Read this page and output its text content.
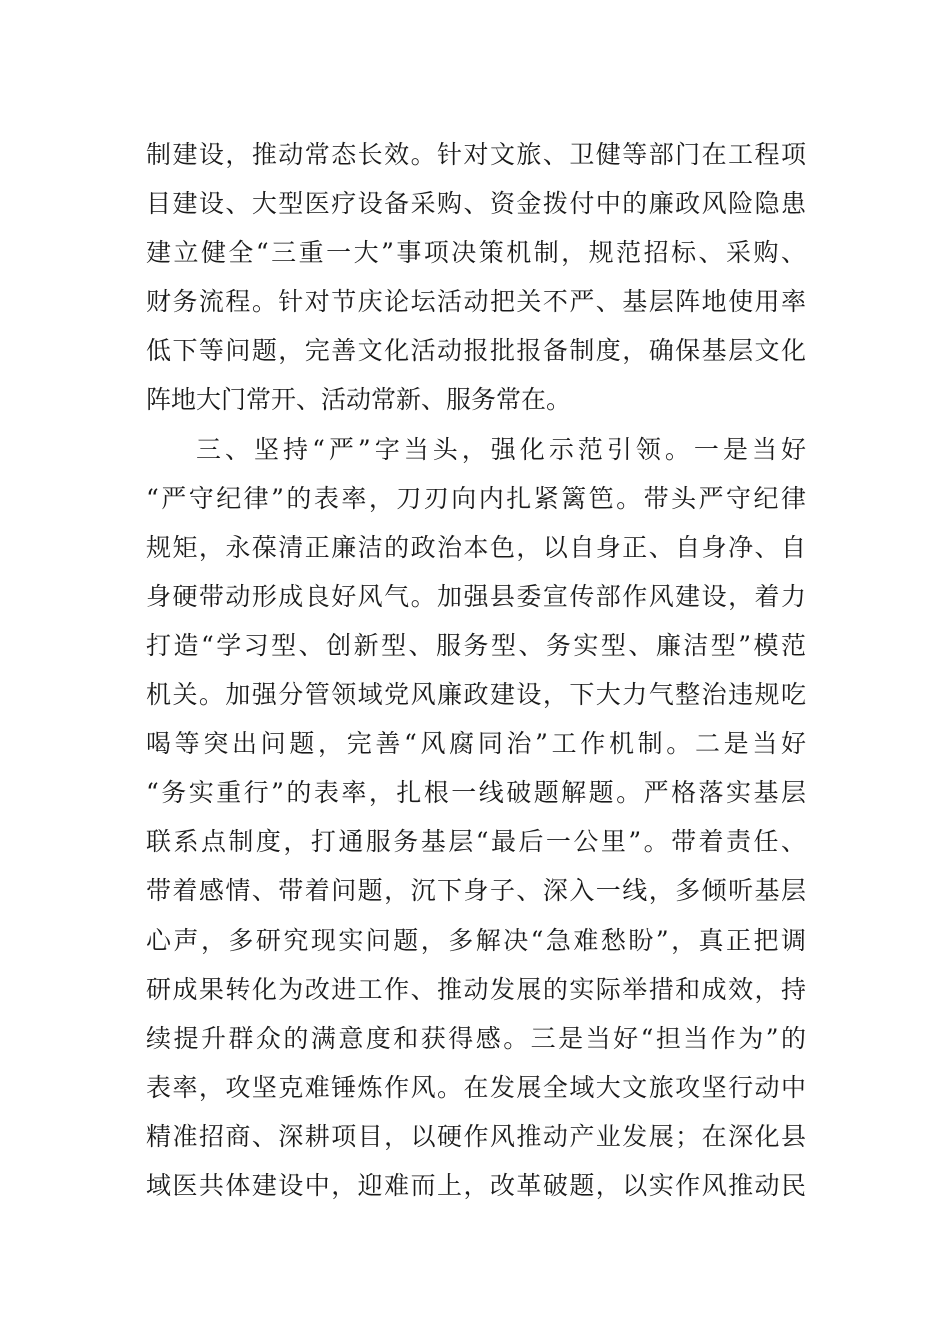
制建设，推动常态长效。针对文旅、卫健等部门在工程项
目建设、大型医疗设备采购、资金拨付中的廉政风险隐患
建立健全“三重一大”事项决策机制，规范招标、采购、
财务流程。针对节庆论坛活动把关不严、基层阵地使用率
低下等问题，完善文化活动报批报备制度，确保基层文化
阵地大门常开、活动常新、服务常在。
三、坚持“严”字当头，强化示范引领。一是当好
“严守纪律”的表率，刀刃向内扎紧篱笆。带头严守纪律
规矩，永葆清正廉洁的政治本色，以自身正、自身净、自
身硬带动形成良好风气。加强县委宣传部作风建设，着力
打造“学习型、创新型、服务型、务实型、廉洁型”模范
机关。加强分管领域党风廉政建设，下大力气整治违规吃
喝等突出问题，完善“风腐同治”工作机制。二是当好
“务实重行”的表率，扎根一线破题解题。严格落实基层
联系点制度，打通服务基层“最后一公里”。带着责任、
带着感情、带着问题，沉下身子、深入一线，多倾听基层
心声，多研究现实问题，多解决“急难愁盼”，真正把调
研成果转化为改进工作、推动发展的实际举措和成效，持
续提升群众的满意度和获得感。三是当好“担当作为”的
表率，攻坚克难锤炼作风。在发展全域大文旅攻坚行动中
精准招商、深耕项目，以硬作风推动产业发展；在深化县
域医共体建设中，迎难而上，改革破题，以实作风推动民
